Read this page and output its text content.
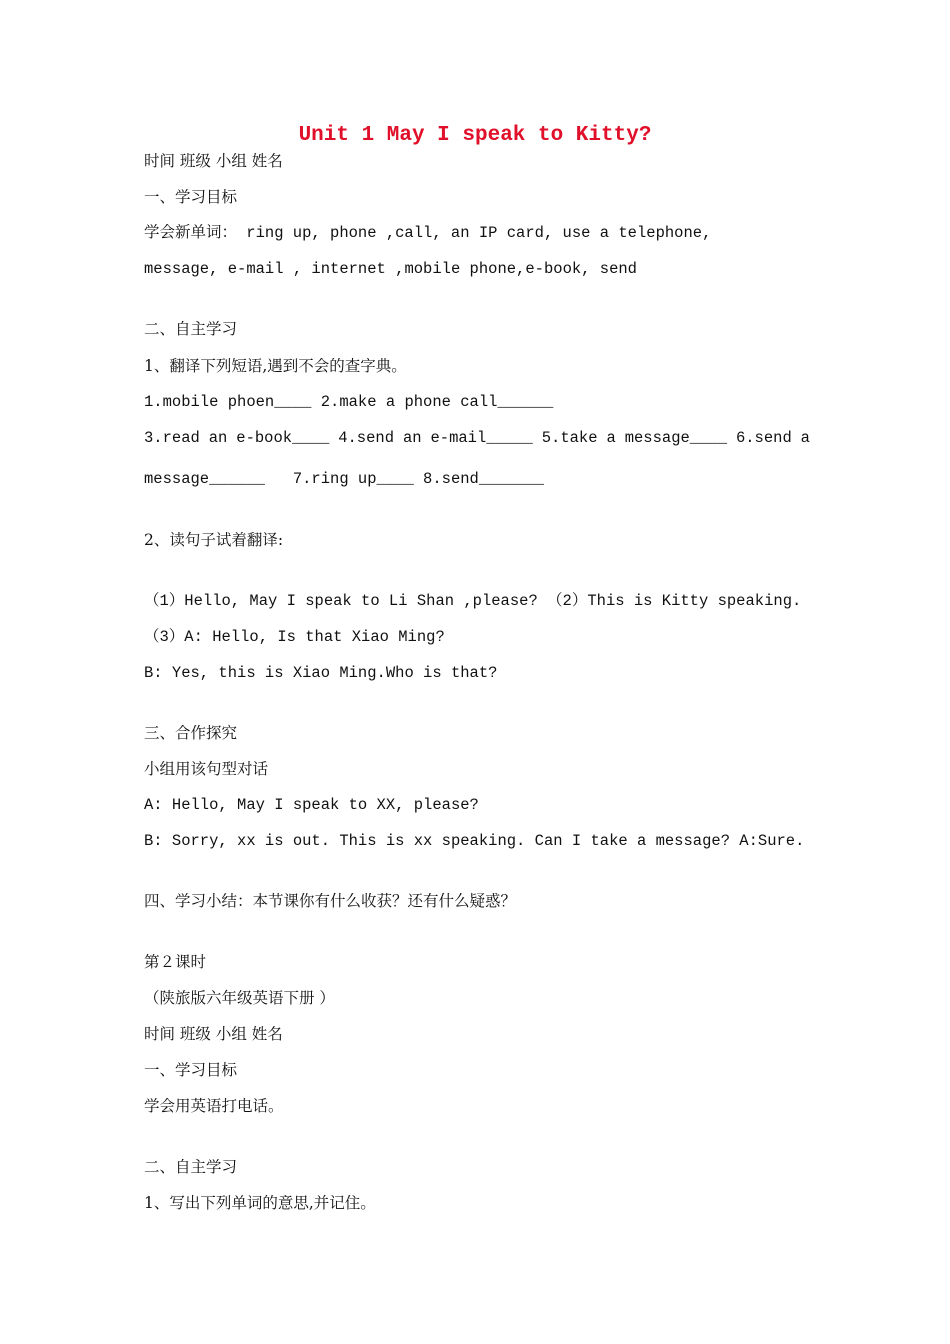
Unit 1 May I speak to Kitty?
时间 班级 小组 姓名
一、学习目标
学会新单词： ring up, phone ,call, an IP card, use a telephone,
message, e-mail , internet ,mobile phone,e-book, send
二、自主学习
1、翻译下列短语,遇到不会的查字典。
1.mobile phoen____ 2.make a phone call______
3.read an e-book____ 4.send an e-mail_____ 5.take a message____ 6.send a
message______   7.ring up____ 8.send_______
2、读句子试着翻译:
（1）Hello, May I speak to Li Shan ,please? （2）This is Kitty speaking.
（3）A: Hello, Is that Xiao Ming?
B: Yes, this is Xiao Ming.Who is that?
三、合作探究
小组用该句型对话
A: Hello, May I speak to XX, please?
B: Sorry, xx is out. This is xx speaking. Can I take a message? A:Sure.
四、学习小结：本节课你有什么收获？还有什么疑惑？
第２课时
（陕旅版六年级英语下册 ）
时间 班级 小组 姓名
一、学习目标
学会用英语打电话。
二、自主学习
1、写出下列单词的意思,并记住。
